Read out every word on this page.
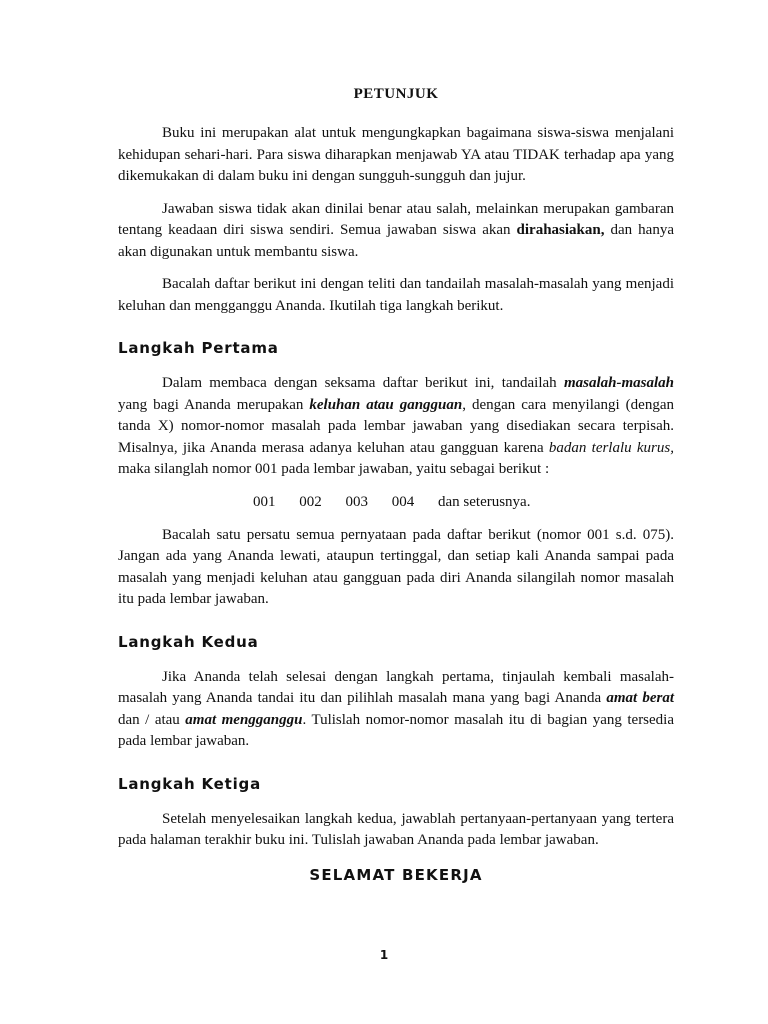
PETUNJUK

Buku ini merupakan alat untuk mengungkapkan bagaimana siswa-siswa menjalani kehidupan sehari-hari. Para siswa diharapkan menjawab YA atau TIDAK terhadap apa yang dikemukakan di dalam buku ini dengan sungguh-sungguh dan jujur.

Jawaban siswa tidak akan dinilai benar atau salah, melainkan merupakan gambaran tentang keadaan diri siswa sendiri. Semua jawaban siswa akan dirahasiakan, dan hanya akan digunakan untuk membantu siswa.

Bacalah daftar berikut ini dengan teliti dan tandailah masalah-masalah yang menjadi keluhan dan mengganggu Ananda. Ikutilah tiga langkah berikut.

Langkah Pertama

Dalam membaca dengan seksama daftar berikut ini, tandailah masalah-masalah yang bagi Ananda merupakan keluhan atau gangguan, dengan cara menyilangi (dengan tanda X) nomor-nomor masalah pada lembar jawaban yang disediakan secara terpisah. Misalnya, jika Ananda merasa adanya keluhan atau gangguan karena badan terlalu kurus, maka silanglah nomor 001 pada lembar jawaban, yaitu sebagai berikut :

001 002 003 004 dan seterusnya.

Bacalah satu persatu semua pernyataan pada daftar berikut (nomor 001 s.d. 075). Jangan ada yang Ananda lewati, ataupun tertinggal, dan setiap kali Ananda sampai pada masalah yang menjadi keluhan atau gangguan pada diri Ananda silangilah nomor masalah itu pada lembar jawaban.

Langkah Kedua

Jika Ananda telah selesai dengan langkah pertama, tinjaulah kembali masalah-masalah yang Ananda tandai itu dan pilihlah masalah mana yang bagi Ananda amat berat dan / atau amat mengganggu. Tulislah nomor-nomor masalah itu di bagian yang tersedia pada lembar jawaban.

Langkah Ketiga

Setelah menyelesaikan langkah kedua, jawablah pertanyaan-pertanyaan yang tertera pada halaman terakhir buku ini. Tulislah jawaban Ananda pada lembar jawaban.

SELAMAT BEKERJA
1
